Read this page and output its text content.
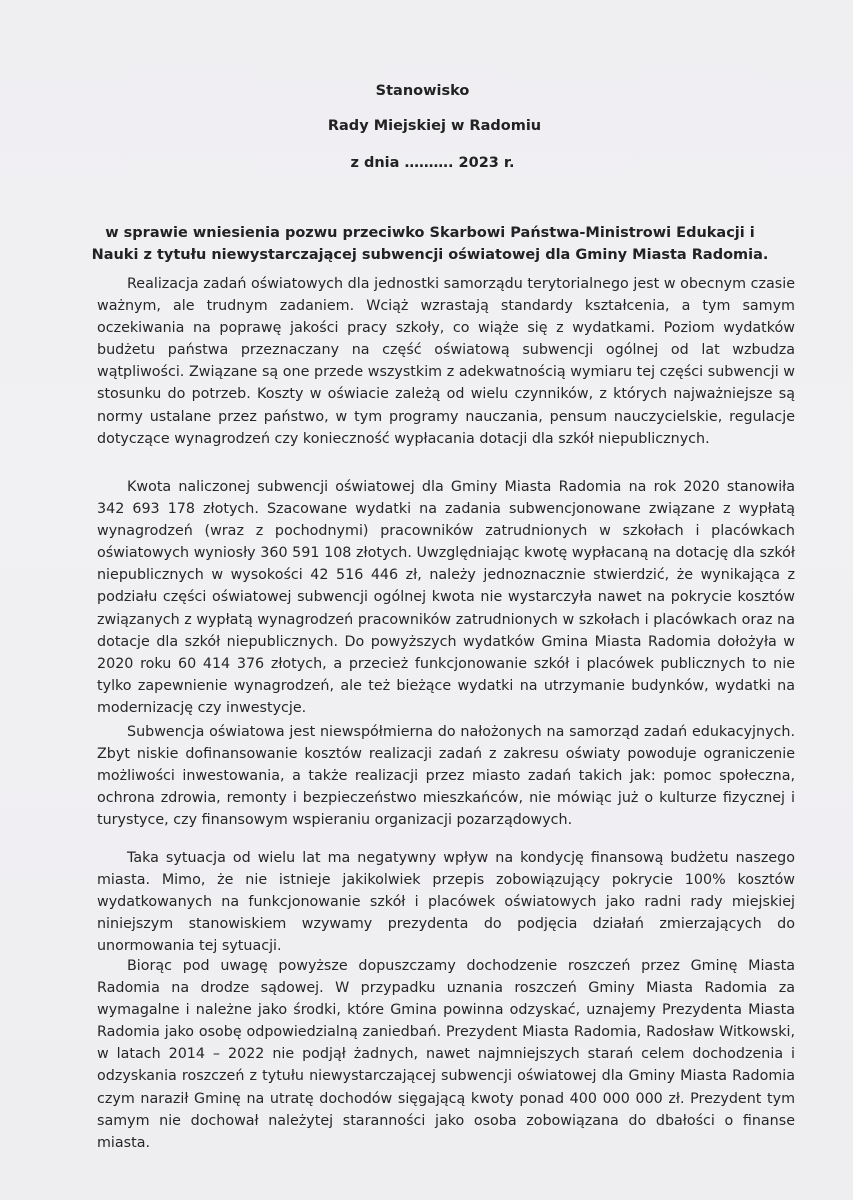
Stanowisko
Rady Miejskiej w Radomiu
z dnia ………. 2023 r.
w sprawie wniesienia pozwu przeciwko Skarbowi Państwa-Ministrowi Edukacji i Nauki z tytułu niewystarczającej subwencji oświatowej dla Gminy Miasta Radomia.

Realizacja zadań oświatowych dla jednostki samorządu terytorialnego jest w obecnym czasie ważnym, ale trudnym zadaniem. Wciąż wzrastają standardy kształcenia, a tym samym oczekiwania na poprawę jakości pracy szkoły, co wiąże się z wydatkami. Poziom wydatków budżetu państwa przeznaczany na część oświatową subwencji ogólnej od lat wzbudza wątpliwości. Związane są one przede wszystkim z adekwatnością wymiaru tej części subwencji w stosunku do potrzeb. Koszty w oświacie zależą od wielu czynników, z których najważniejsze są normy ustalane przez państwo, w tym programy nauczania, pensum nauczycielskie, regulacje dotyczące wynagrodzeń czy konieczność wypłacania dotacji dla szkół niepublicznych.

Kwota naliczonej subwencji oświatowej dla Gminy Miasta Radomia na rok 2020 stanowiła 342 693 178 złotych. Szacowane wydatki na zadania subwencjonowane związane z wypłatą wynagrodzeń (wraz z pochodnymi) pracowników zatrudnionych w szkołach i placówkach oświatowych wyniosły 360 591 108 złotych. Uwzględniając kwotę wypłacaną na dotację dla szkół niepublicznych w wysokości 42 516 446 zł, należy jednoznacznie stwierdzić, że wynikająca z podziału części oświatowej subwencji ogólnej kwota nie wystarczyła nawet na pokrycie kosztów związanych z wypłatą wynagrodzeń pracowników zatrudnionych w szkołach i placówkach oraz na dotacje dla szkół niepublicznych. Do powyższych wydatków Gmina Miasta Radomia dołożyła w 2020 roku 60 414 376 złotych, a przecież funkcjonowanie szkół i placówek publicznych to nie tylko zapewnienie wynagrodzeń, ale też bieżące wydatki na utrzymanie budynków, wydatki na modernizację czy inwestycje.

Subwencja oświatowa jest niewspółmierna do nałożonych na samorząd zadań edukacyjnych. Zbyt niskie dofinansowanie kosztów realizacji zadań z zakresu oświaty powoduje ograniczenie możliwości inwestowania, a także realizacji przez miasto zadań takich jak: pomoc społeczna, ochrona zdrowia, remonty i bezpieczeństwo mieszkańców, nie mówiąc już o kulturze fizycznej i turystyce, czy finansowym wspieraniu organizacji pozarządowych.

Taka sytuacja od wielu lat ma negatywny wpływ na kondycję finansową budżetu naszego miasta. Mimo, że nie istnieje jakikolwiek przepis zobowiązujący pokrycie 100% kosztów wydatkowanych na funkcjonowanie szkół i placówek oświatowych jako radni rady miejskiej niniejszym stanowiskiem wzywamy prezydenta do podjęcia działań zmierzających do unormowania tej sytuacji.

Biorąc pod uwagę powyższe dopuszczamy dochodzenie roszczeń przez Gminę Miasta Radomia na drodze sądowej. W przypadku uznania roszczeń Gminy Miasta Radomia za wymagalne i należne jako środki, które Gmina powinna odzyskać, uznajemy Prezydenta Miasta Radomia jako osobę odpowiedzialną zaniedbań. Prezydent Miasta Radomia, Radosław Witkowski, w latach 2014 – 2022 nie podjął żadnych, nawet najmniejszych starań celem dochodzenia i odzyskania roszczeń z tytułu niewystarczającej subwencji oświatowej dla Gminy Miasta Radomia czym naraził Gminę na utratę dochodów sięgającą kwoty ponad 400 000 000 zł. Prezydent tym samym nie dochował należytej staranności jako osoba zobowiązana do dbałości o finanse miasta.
